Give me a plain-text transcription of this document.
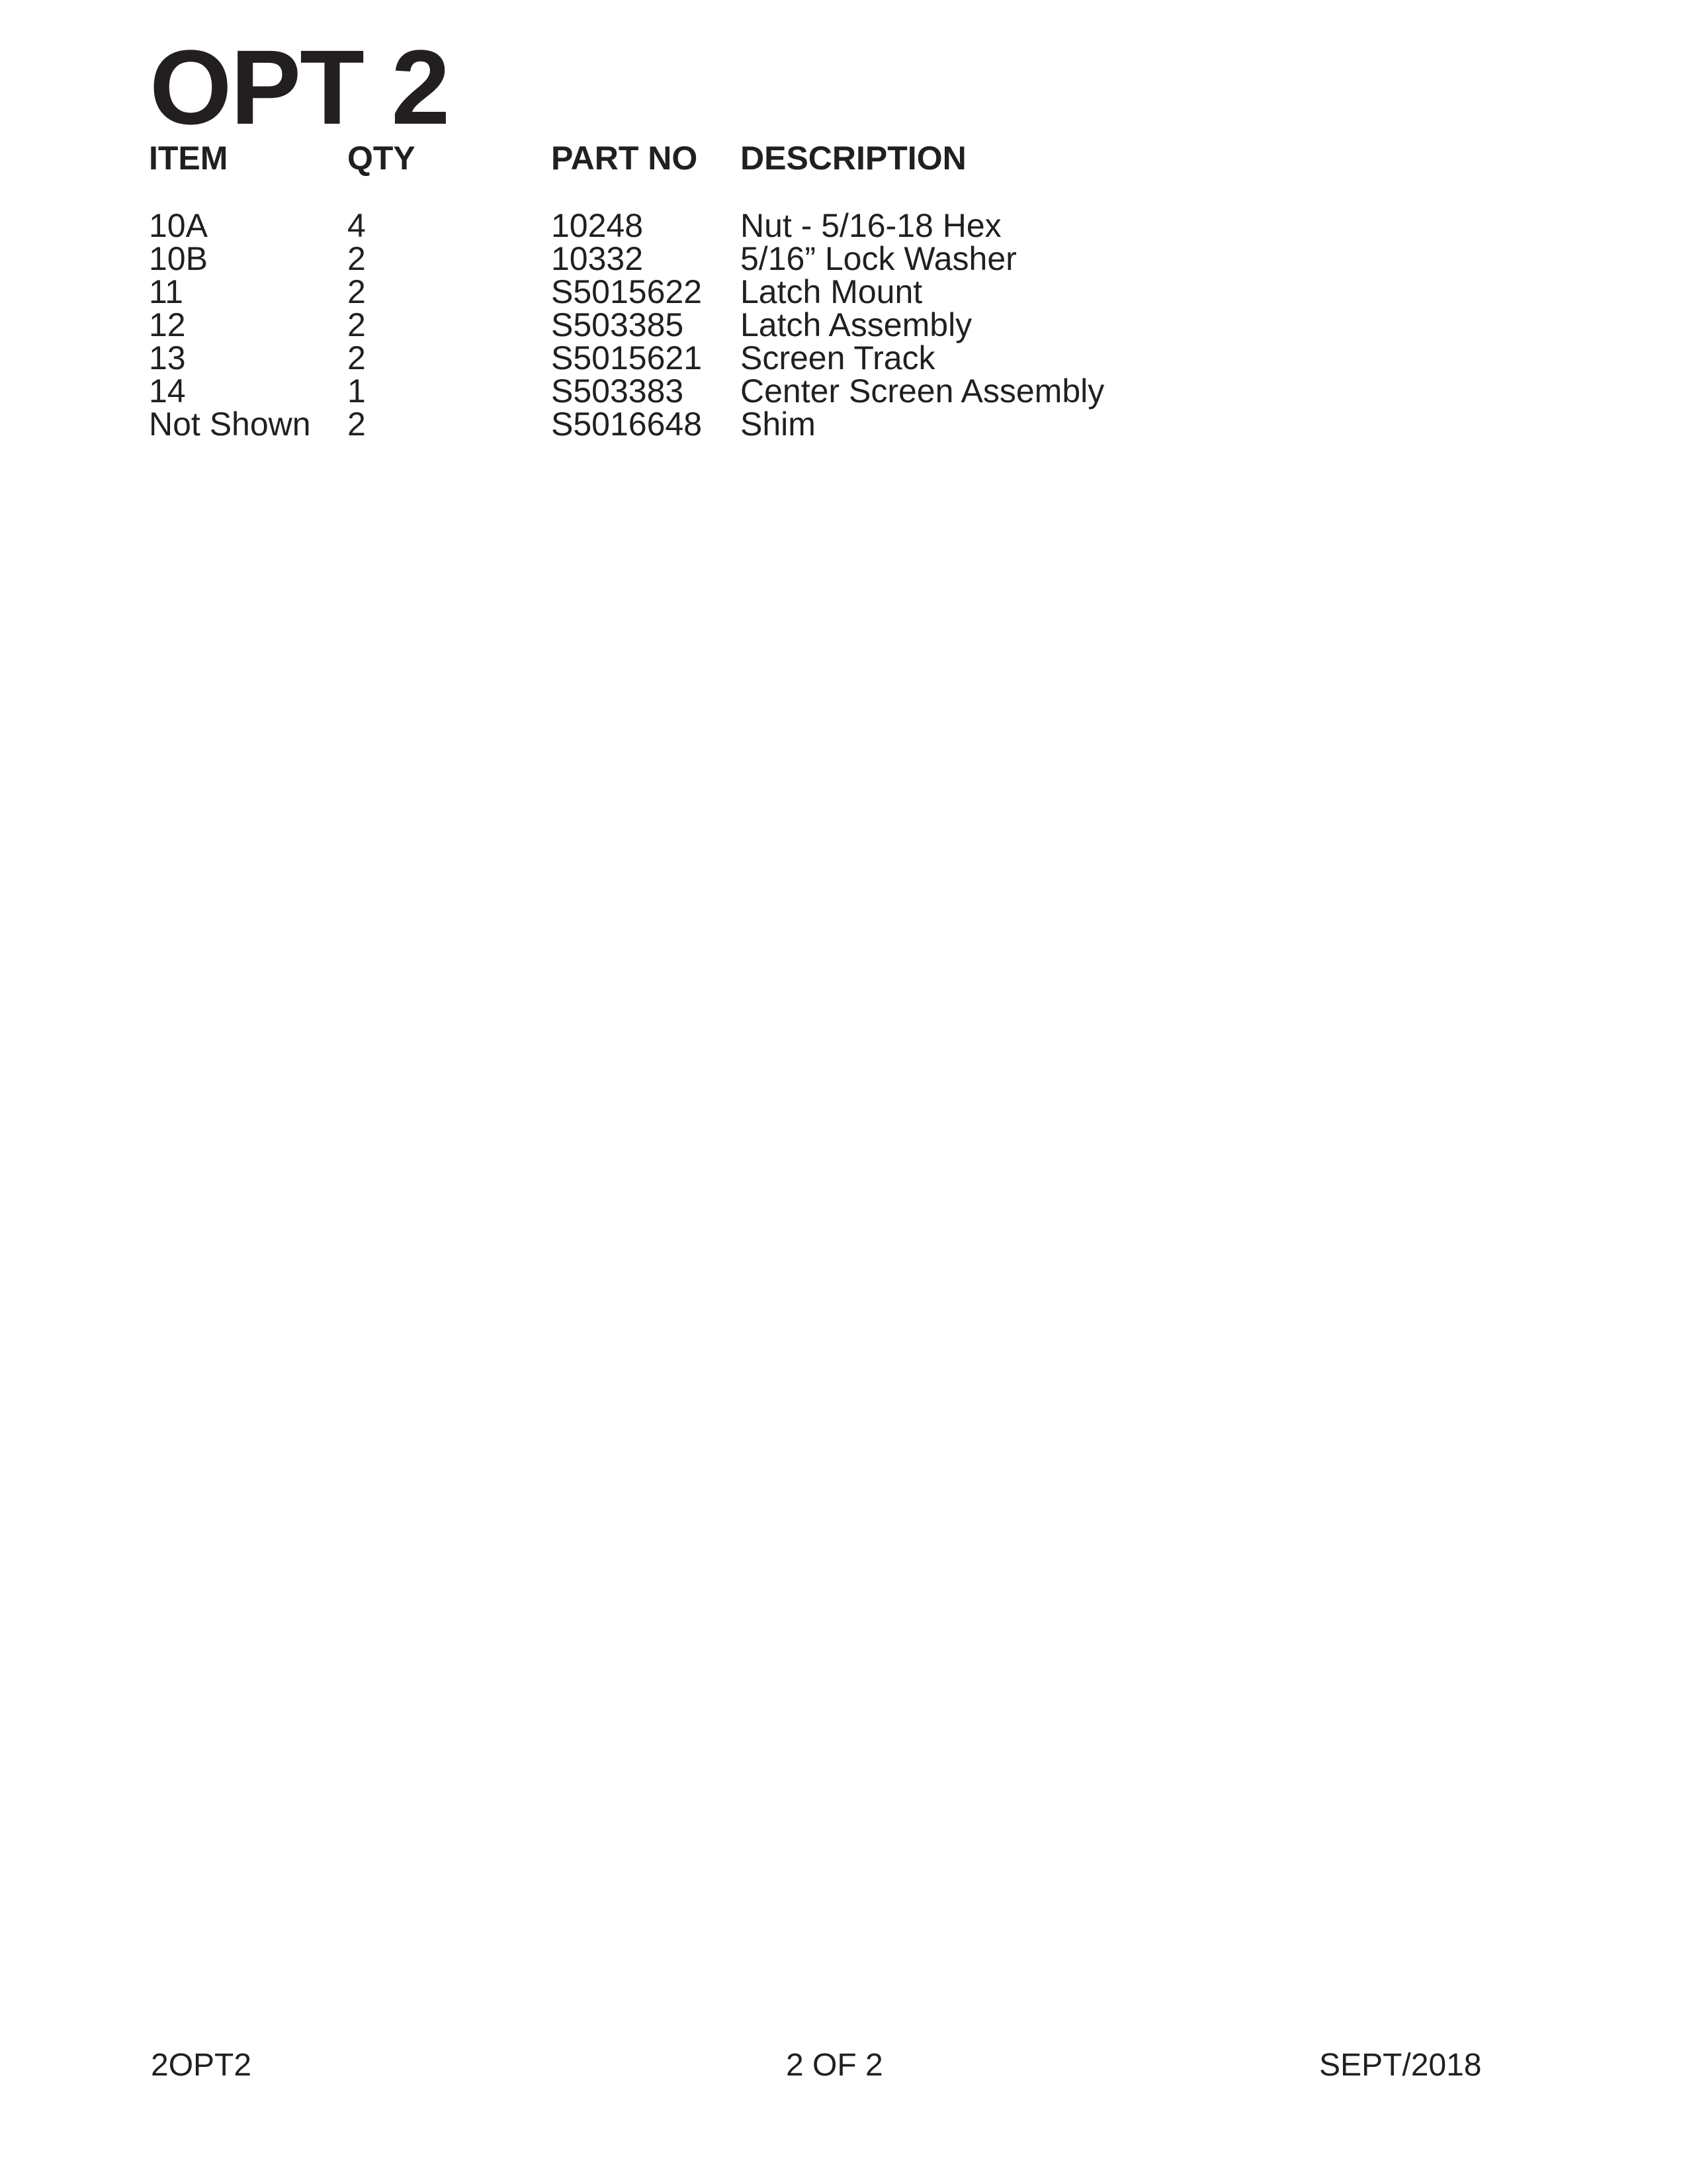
OPT 2
ITEM	QTY	PART NO	DESCRIPTION
10A	4	10248	Nut - 5/16-18 Hex
10B	2	10332	5/16” Lock Washer
11	2	S5015622	Latch Mount
12	2	S503385	Latch Assembly
13	2	S5015621	Screen Track
14	1	S503383	Center Screen Assembly
Not Shown	2	S5016648	Shim
2OPT2	2 OF 2	SEPT/2018
